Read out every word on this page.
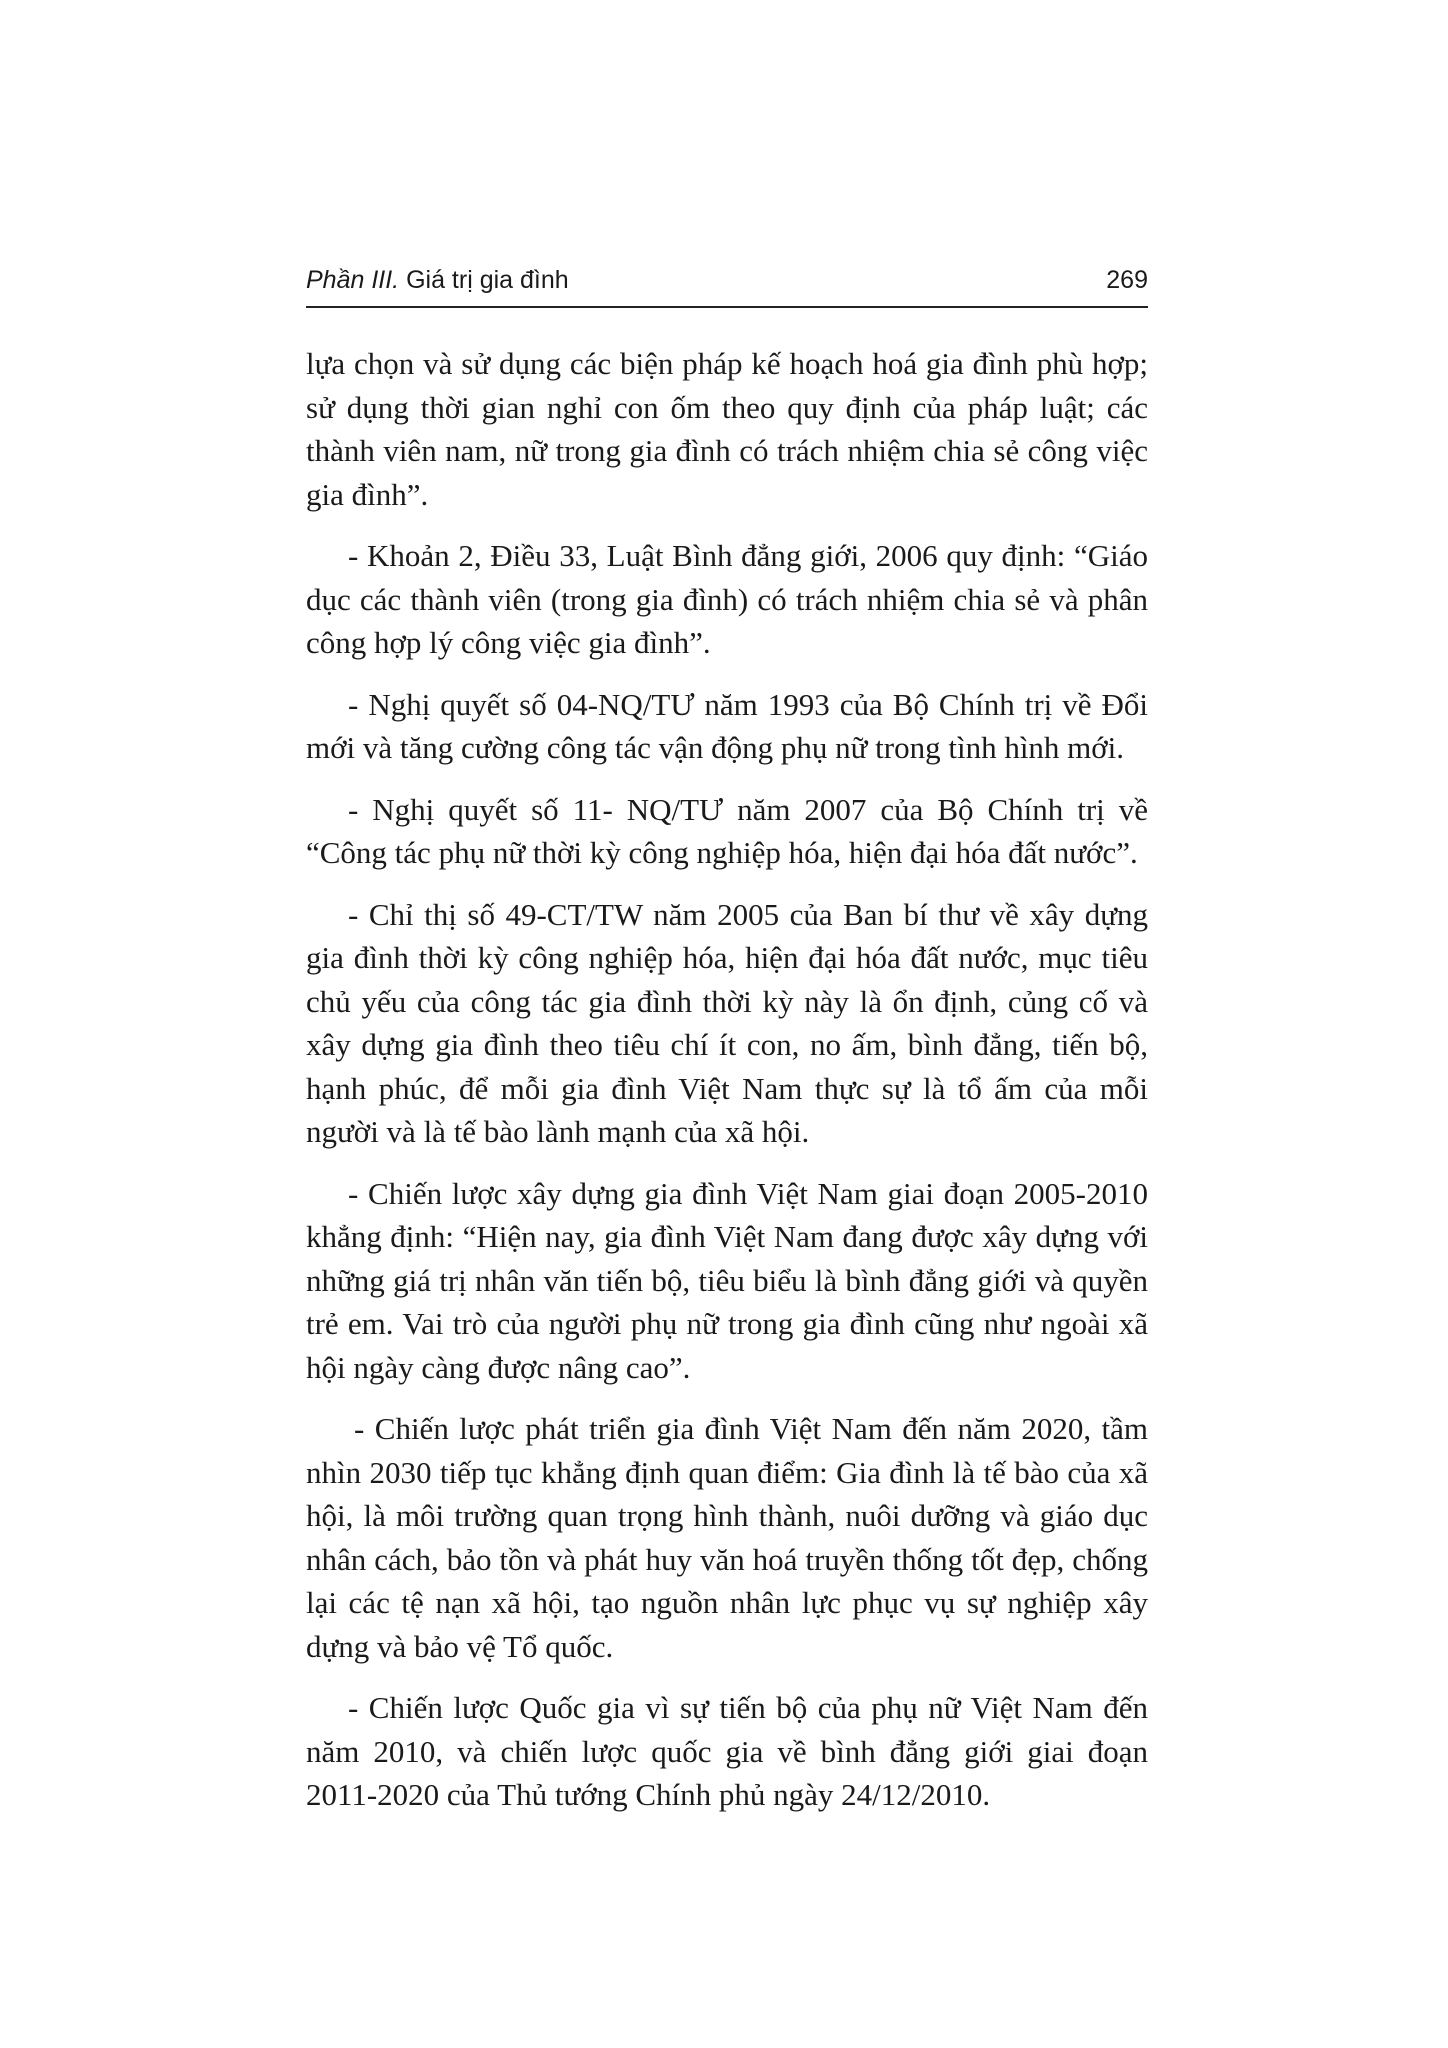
Phần III. Giá trị gia đình	269

lựa chọn và sử dụng các biện pháp kế hoạch hoá gia đình phù hợp; sử dụng thời gian nghỉ con ốm theo quy định của pháp luật; các thành viên nam, nữ trong gia đình có trách nhiệm chia sẻ công việc gia đình”.

- Khoản 2, Điều 33, Luật Bình đẳng giới, 2006 quy định: “Giáo dục các thành viên (trong gia đình) có trách nhiệm chia sẻ và phân công hợp lý công việc gia đình”.

- Nghị quyết số 04-NQ/TƯ năm 1993 của Bộ Chính trị về Đổi mới và tăng cường công tác vận động phụ nữ trong tình hình mới.

- Nghị quyết số 11- NQ/TƯ năm 2007 của Bộ Chính trị về “Công tác phụ nữ thời kỳ công nghiệp hóa, hiện đại hóa đất nước”.

- Chỉ thị số 49-CT/TW năm 2005 của Ban bí thư về xây dựng gia đình thời kỳ công nghiệp hóa, hiện đại hóa đất nước, mục tiêu chủ yếu của công tác gia đình thời kỳ này là ổn định, củng cố và xây dựng gia đình theo tiêu chí ít con, no ấm, bình đẳng, tiến bộ, hạnh phúc, để mỗi gia đình Việt Nam thực sự là tổ ấm của mỗi người và là tế bào lành mạnh của xã hội.

- Chiến lược xây dựng gia đình Việt Nam giai đoạn 2005-2010 khẳng định: “Hiện nay, gia đình Việt Nam đang được xây dựng với những giá trị nhân văn tiến bộ, tiêu biểu là bình đẳng giới và quyền trẻ em. Vai trò của người phụ nữ trong gia đình cũng như ngoài xã hội ngày càng được nâng cao”.

- Chiến lược phát triển gia đình Việt Nam đến năm 2020, tầm nhìn 2030 tiếp tục khẳng định quan điểm: Gia đình là tế bào của xã hội, là môi trường quan trọng hình thành, nuôi dưỡng và giáo dục nhân cách, bảo tồn và phát huy văn hoá truyền thống tốt đẹp, chống lại các tệ nạn xã hội, tạo nguồn nhân lực phục vụ sự nghiệp xây dựng và bảo vệ Tổ quốc.

- Chiến lược Quốc gia vì sự tiến bộ của phụ nữ Việt Nam đến năm 2010, và chiến lược quốc gia về bình đẳng giới giai đoạn 2011-2020 của Thủ tướng Chính phủ ngày 24/12/2010.
